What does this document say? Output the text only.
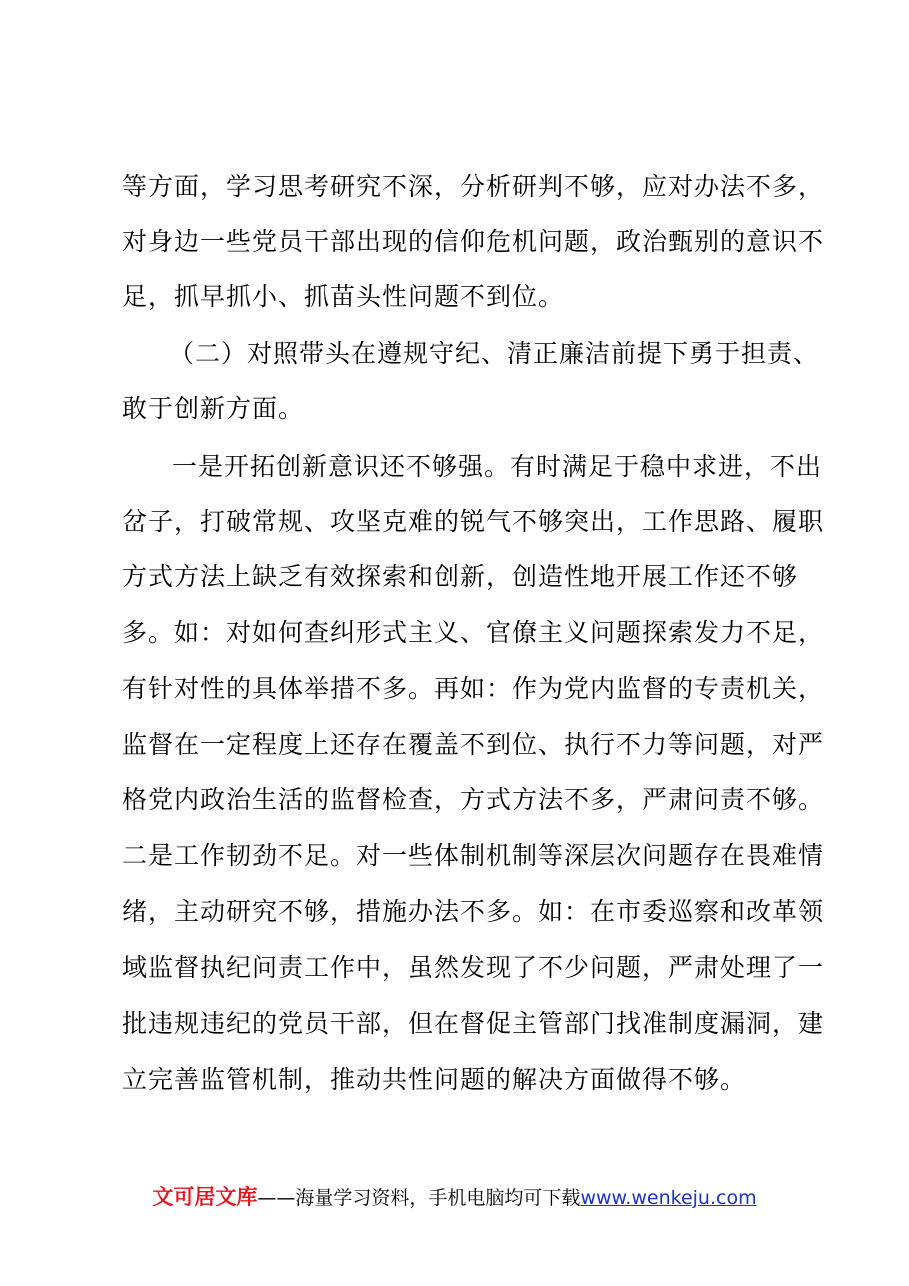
等方面，学习思考研究不深，分析研判不够，应对办法不多，
对身边一些党员干部出现的信仰危机问题，政治甄别的意识不
足，抓早抓小、抓苗头性问题不到位。
（二）对照带头在遵规守纪、清正廉洁前提下勇于担责、
敢于创新方面。
一是开拓创新意识还不够强。有时满足于稳中求进，不出
岔子，打破常规、攻坚克难的锐气不够突出，工作思路、履职
方式方法上缺乏有效探索和创新，创造性地开展工作还不够
多。如：对如何查纠形式主义、官僚主义问题探索发力不足，
有针对性的具体举措不多。再如：作为党内监督的专责机关，
监督在一定程度上还存在覆盖不到位、执行不力等问题，对严
格党内政治生活的监督检查，方式方法不多，严肃问责不够。
二是工作韧劲不足。对一些体制机制等深层次问题存在畏难情
绪，主动研究不够，措施办法不多。如：在市委巡察和改革领
域监督执纪问责工作中，虽然发现了不少问题，严肃处理了一
批违规违纪的党员干部，但在督促主管部门找准制度漏洞，建
立完善监管机制，推动共性问题的解决方面做得不够。
文可居文库——海量学习资料，手机电脑均可下载www.wenkeju.com
